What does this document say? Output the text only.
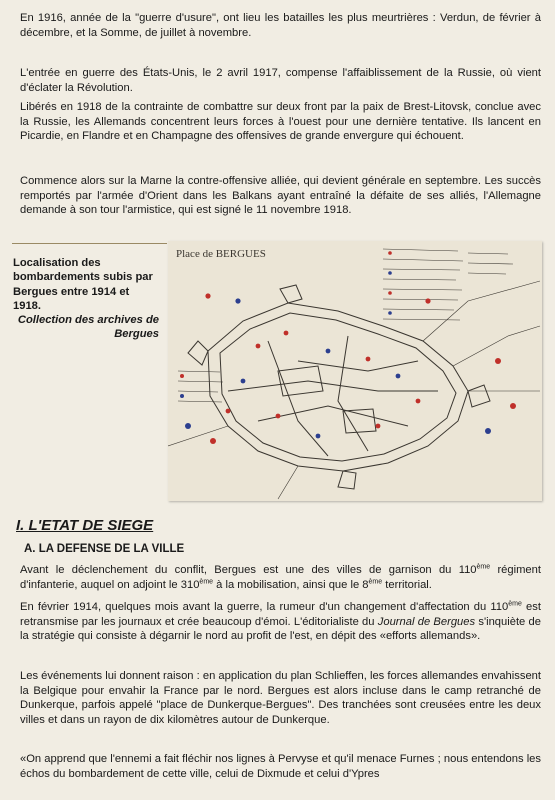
En 1916, année de la "guerre d'usure", ont lieu les batailles les plus meurtrières : Verdun, de février à décembre, et la Somme, de juillet à novembre.

L'entrée en guerre des États-Unis, le 2 avril 1917, compense l'affaiblissement de la Russie, où vient d'éclater la Révolution.

Libérés en 1918 de la contrainte de combattre sur deux front par la paix de Brest-Litovsk, conclue avec la Russie, les Allemands concentrent leurs forces à l'ouest pour une dernière tentative. Ils lancent en Picardie, en Flandre et en Champagne des offensives de grande envergure qui échouent.

Commence alors sur la Marne la contre-offensive alliée, qui devient générale en septembre. Les succès remportés par l'armée d'Orient dans les Balkans ayant entraîné la défaite de ses alliés, l'Allemagne demande à son tour l'armistice, qui est signé le 11 novembre 1918.

Localisation des bombardements subis par Bergues entre 1914 et 1918.
Collection des archives de Bergues
Place de BERGUES
I. L'ETAT DE SIEGE
A. LA DEFENSE DE LA VILLE

Avant le déclenchement du conflit, Bergues est une des villes de garnison du 110ème régiment d'infanterie, auquel on adjoint le 310ème à la mobilisation, ainsi que le 8ème territorial.

En février 1914, quelques mois avant la guerre, la rumeur d'un changement d'affectation du 110ème est retransmise par les journaux et crée beaucoup d'émoi. L'éditorialiste du Journal de Bergues s'inquiète de la stratégie qui consiste à dégarnir le nord au profit de l'est, en dépit des «efforts allemands».

Les événements lui donnent raison : en application du plan Schlieffen, les forces allemandes envahissent la Belgique pour envahir la France par le nord. Bergues est alors incluse dans le camp retranché de Dunkerque, parfois appelé "place de Dunkerque-Bergues". Des tranchées sont creusées entre les deux villes et dans un rayon de dix kilomètres autour de Dunkerque.

«On apprend que l'ennemi a fait fléchir nos lignes à Pervyse et qu'il menace Furnes ; nous entendons les échos du bombardement de cette ville, celui de Dixmude et celui d'Ypres
